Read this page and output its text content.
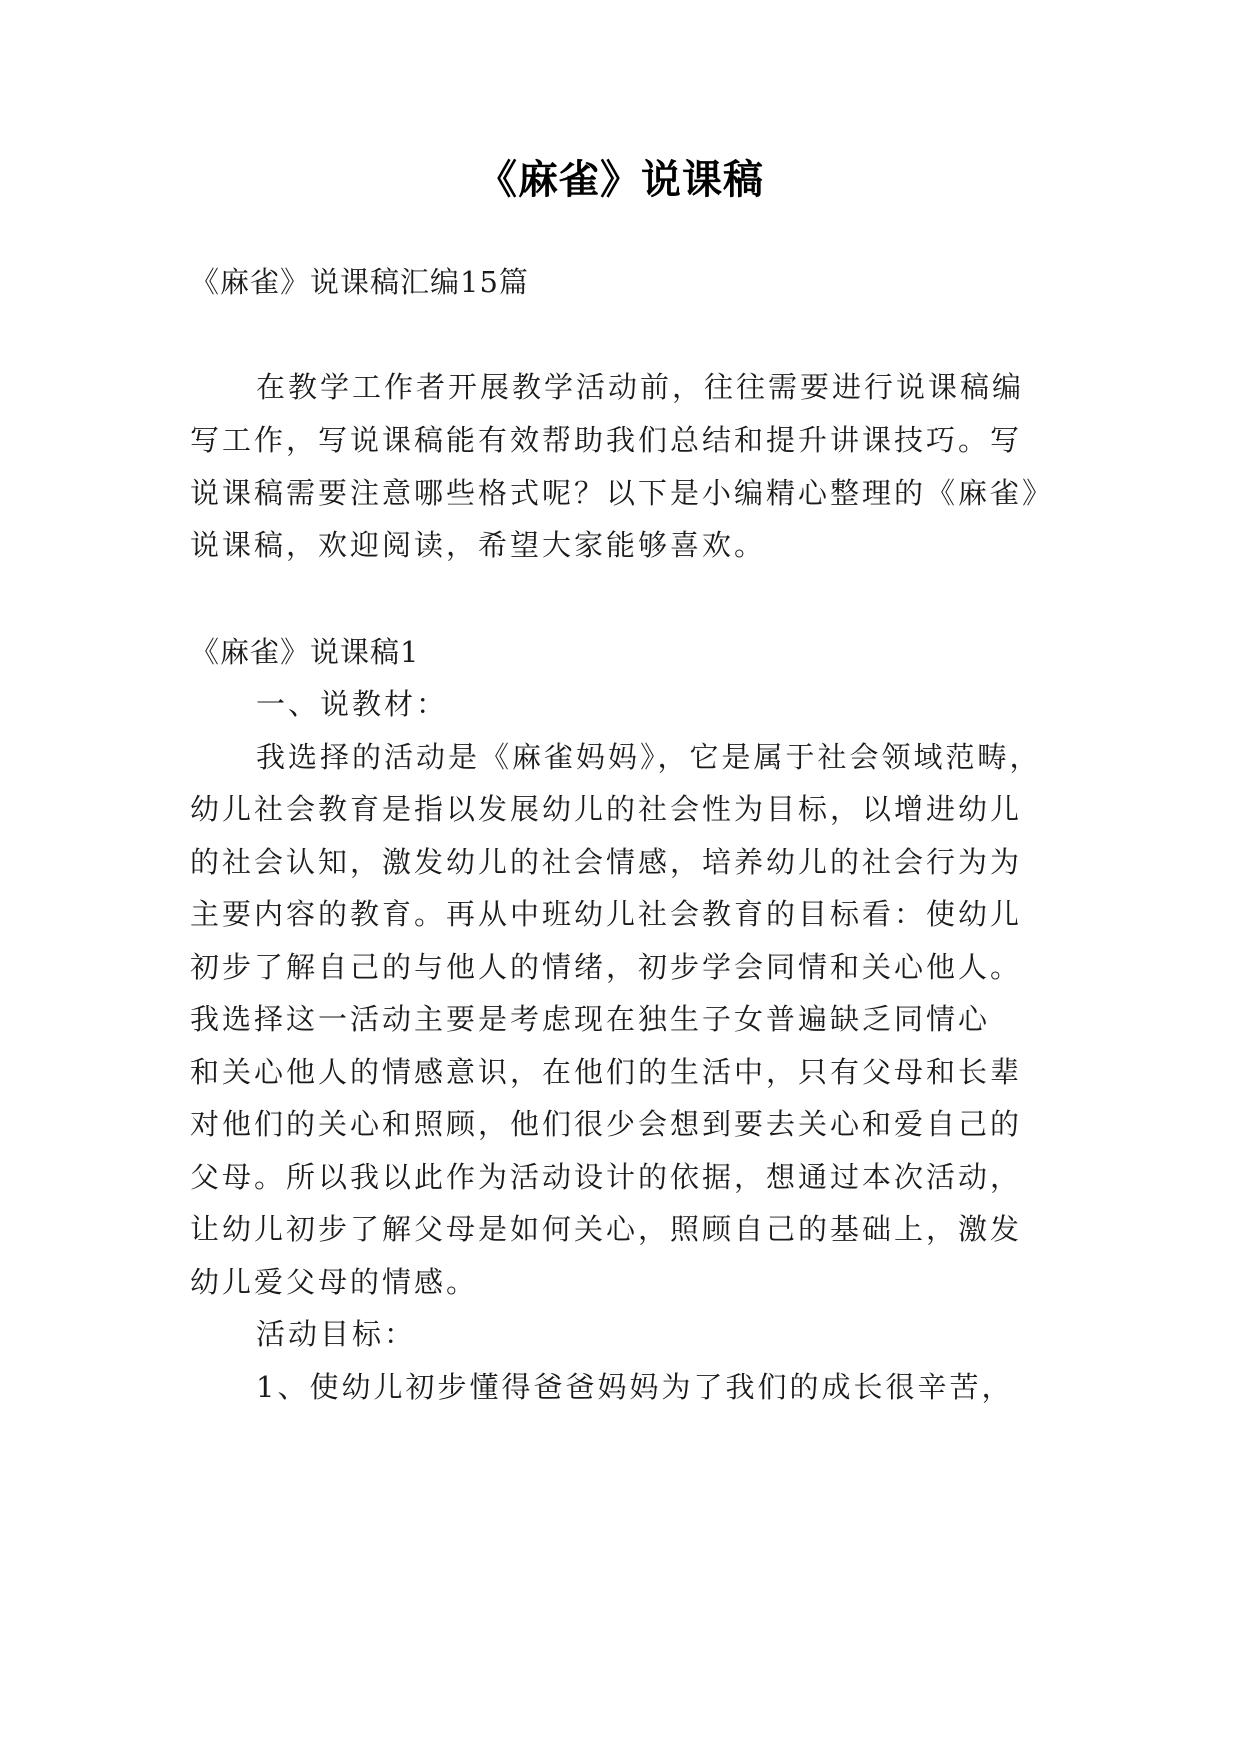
《麻雀》说课稿
《麻雀》说课稿汇编15篇
在教学工作者开展教学活动前，往往需要进行说课稿编
写工作，写说课稿能有效帮助我们总结和提升讲课技巧。写
说课稿需要注意哪些格式呢？以下是小编精心整理的《麻雀》
说课稿，欢迎阅读，希望大家能够喜欢。
《麻雀》说课稿1
一、说教材：
我选择的活动是《麻雀妈妈》，它是属于社会领域范畴，
幼儿社会教育是指以发展幼儿的社会性为目标，以增进幼儿
的社会认知，激发幼儿的社会情感，培养幼儿的社会行为为
主要内容的教育。再从中班幼儿社会教育的目标看：使幼儿
初步了解自己的与他人的情绪，初步学会同情和关心他人。
我选择这一活动主要是考虑现在独生子女普遍缺乏同情心
和关心他人的情感意识，在他们的生活中，只有父母和长辈
对他们的关心和照顾，他们很少会想到要去关心和爱自己的
父母。所以我以此作为活动设计的依据，想通过本次活动，
让幼儿初步了解父母是如何关心，照顾自己的基础上，激发
幼儿爱父母的情感。
活动目标：
1、使幼儿初步懂得爸爸妈妈为了我们的成长很辛苦，
